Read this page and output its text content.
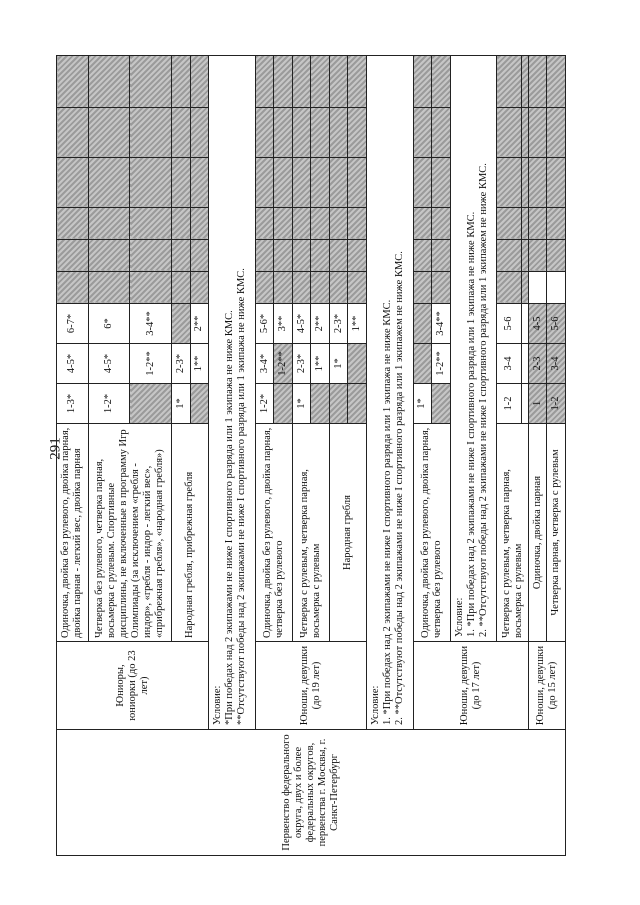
291
Первенство федерального округа, двух и более федеральных округов, первенства г. Москвы, г. Санкт-Петербург	Юниоры, юниорки (до 23 лет)	Одиночка, двойка без рулевого, двойка парная, двойка парная - легкий вес, двойка парная	1-3*	4-5*	6-7*						
		Четверка без рулевого, четверка парная, восьмерка с рулевым. Спортивные дисциплины, не включенные в программу Игр Олимпиады (за исключением «гребля - индор», «гребля - индор - легкий вес», «прибрежная гребля», «народная гребля»)	1-2*	4-5*	6*						
				1-2**	3-4**						
		Народная гребля, прибрежная гребля	1*	2-3*							
				1**	2**						

	Условие: *При победах над 2 экипажами не ниже I спортивного разряда или 1 экипажа не ниже КМС. **Отсутствуют победы над 2 экипажами не ниже I спортивного разряда или 1 экипажа не ниже КМС.										

	Юноши, девушки (до 19 лет)	Одиночка, двойка без рулевого, двойка парная, четверка без рулевого	1-2*	3-4*	5-6*						
				1-2**	3**						
		Четверка с рулевым, четверка парная, восьмерка с рулевым	1*	2-3*	4-5*						
				1**	2**						
		Народная гребля		1*	2-3*						
					1**						

	Условие: 1. *При победах над 2 экипажами не ниже I спортивного разряда или 1 экипажа не ниже КМС. 2. **Отсутствуют победы над 2 экипажами не ниже I спортивного разряда или 1 экипажем не ниже КМС.										

	Юноши, девушки (до 17 лет)	Одиночка, двойка без рулевого, двойка парная, четверка без рулевого	1*								
				1-2**	3-4**						

		Условие: 1. *При победах над 2 экипажами не ниже I спортивного разряда или 1 экипажа не ниже КМС. 2. **Отсутствуют победы над 2 экипажами не ниже I спортивного разряда или 1 экипажем не ниже КМС.									

		Четверка с рулевым, четверка парная, восьмерка с рулевым	1-2	3-4	5-6						

	Юноши, девушки (до 15 лет)	Одиночка, двойка парная	1	2-3	4-5						
		Четверка парная, четверка с рулевым	1-2	3-4	5-6						
